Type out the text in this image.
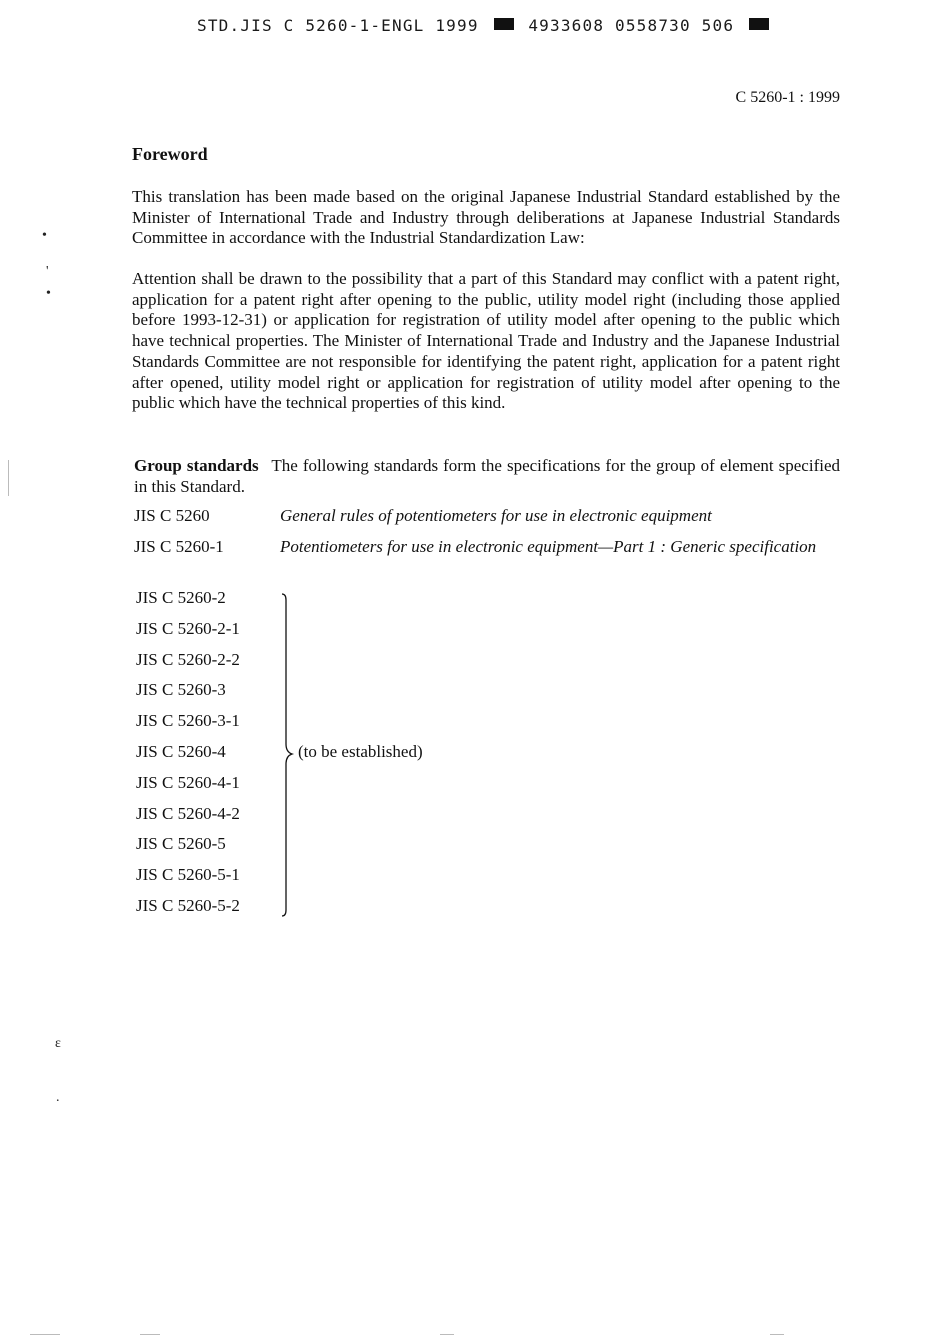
STD.JIS C 5260-1-ENGL 1999	4933608 0558730 506
C 5260-1 : 1999
Foreword

This translation has been made based on the original Japanese Industrial Standard established by the Minister of International Trade and Industry through deliberations at Japanese Industrial Standards Committee in accordance with the Industrial Standardization Law:

Attention shall be drawn to the possibility that a part of this Standard may conflict with a patent right, application for a patent right after opening to the public, utility model right (including those applied before 1993-12-31) or application for registration of utility model after opening to the public which have technical properties. The Minister of International Trade and Industry and the Japanese Industrial Standards Committee are not responsible for identifying the patent right, application for a patent right after opened, utility model right or application for registration of utility model after opening to the public which have the technical properties of this kind.

Group standards The following standards form the specifications for the group of element specified in this Standard.
JIS C 5260	General rules of potentiometers for use in electronic equipment
JIS C 5260-1	Potentiometers for use in electronic equipment—Part 1 : Generic specification
JIS C 5260-2
JIS C 5260-2-1
JIS C 5260-2-2
JIS C 5260-3
JIS C 5260-3-1
JIS C 5260-4
JIS C 5260-4-1
JIS C 5260-4-2
JIS C 5260-5
JIS C 5260-5-1
JIS C 5260-5-2
(to be established)
•
'
•
ɛ
.
